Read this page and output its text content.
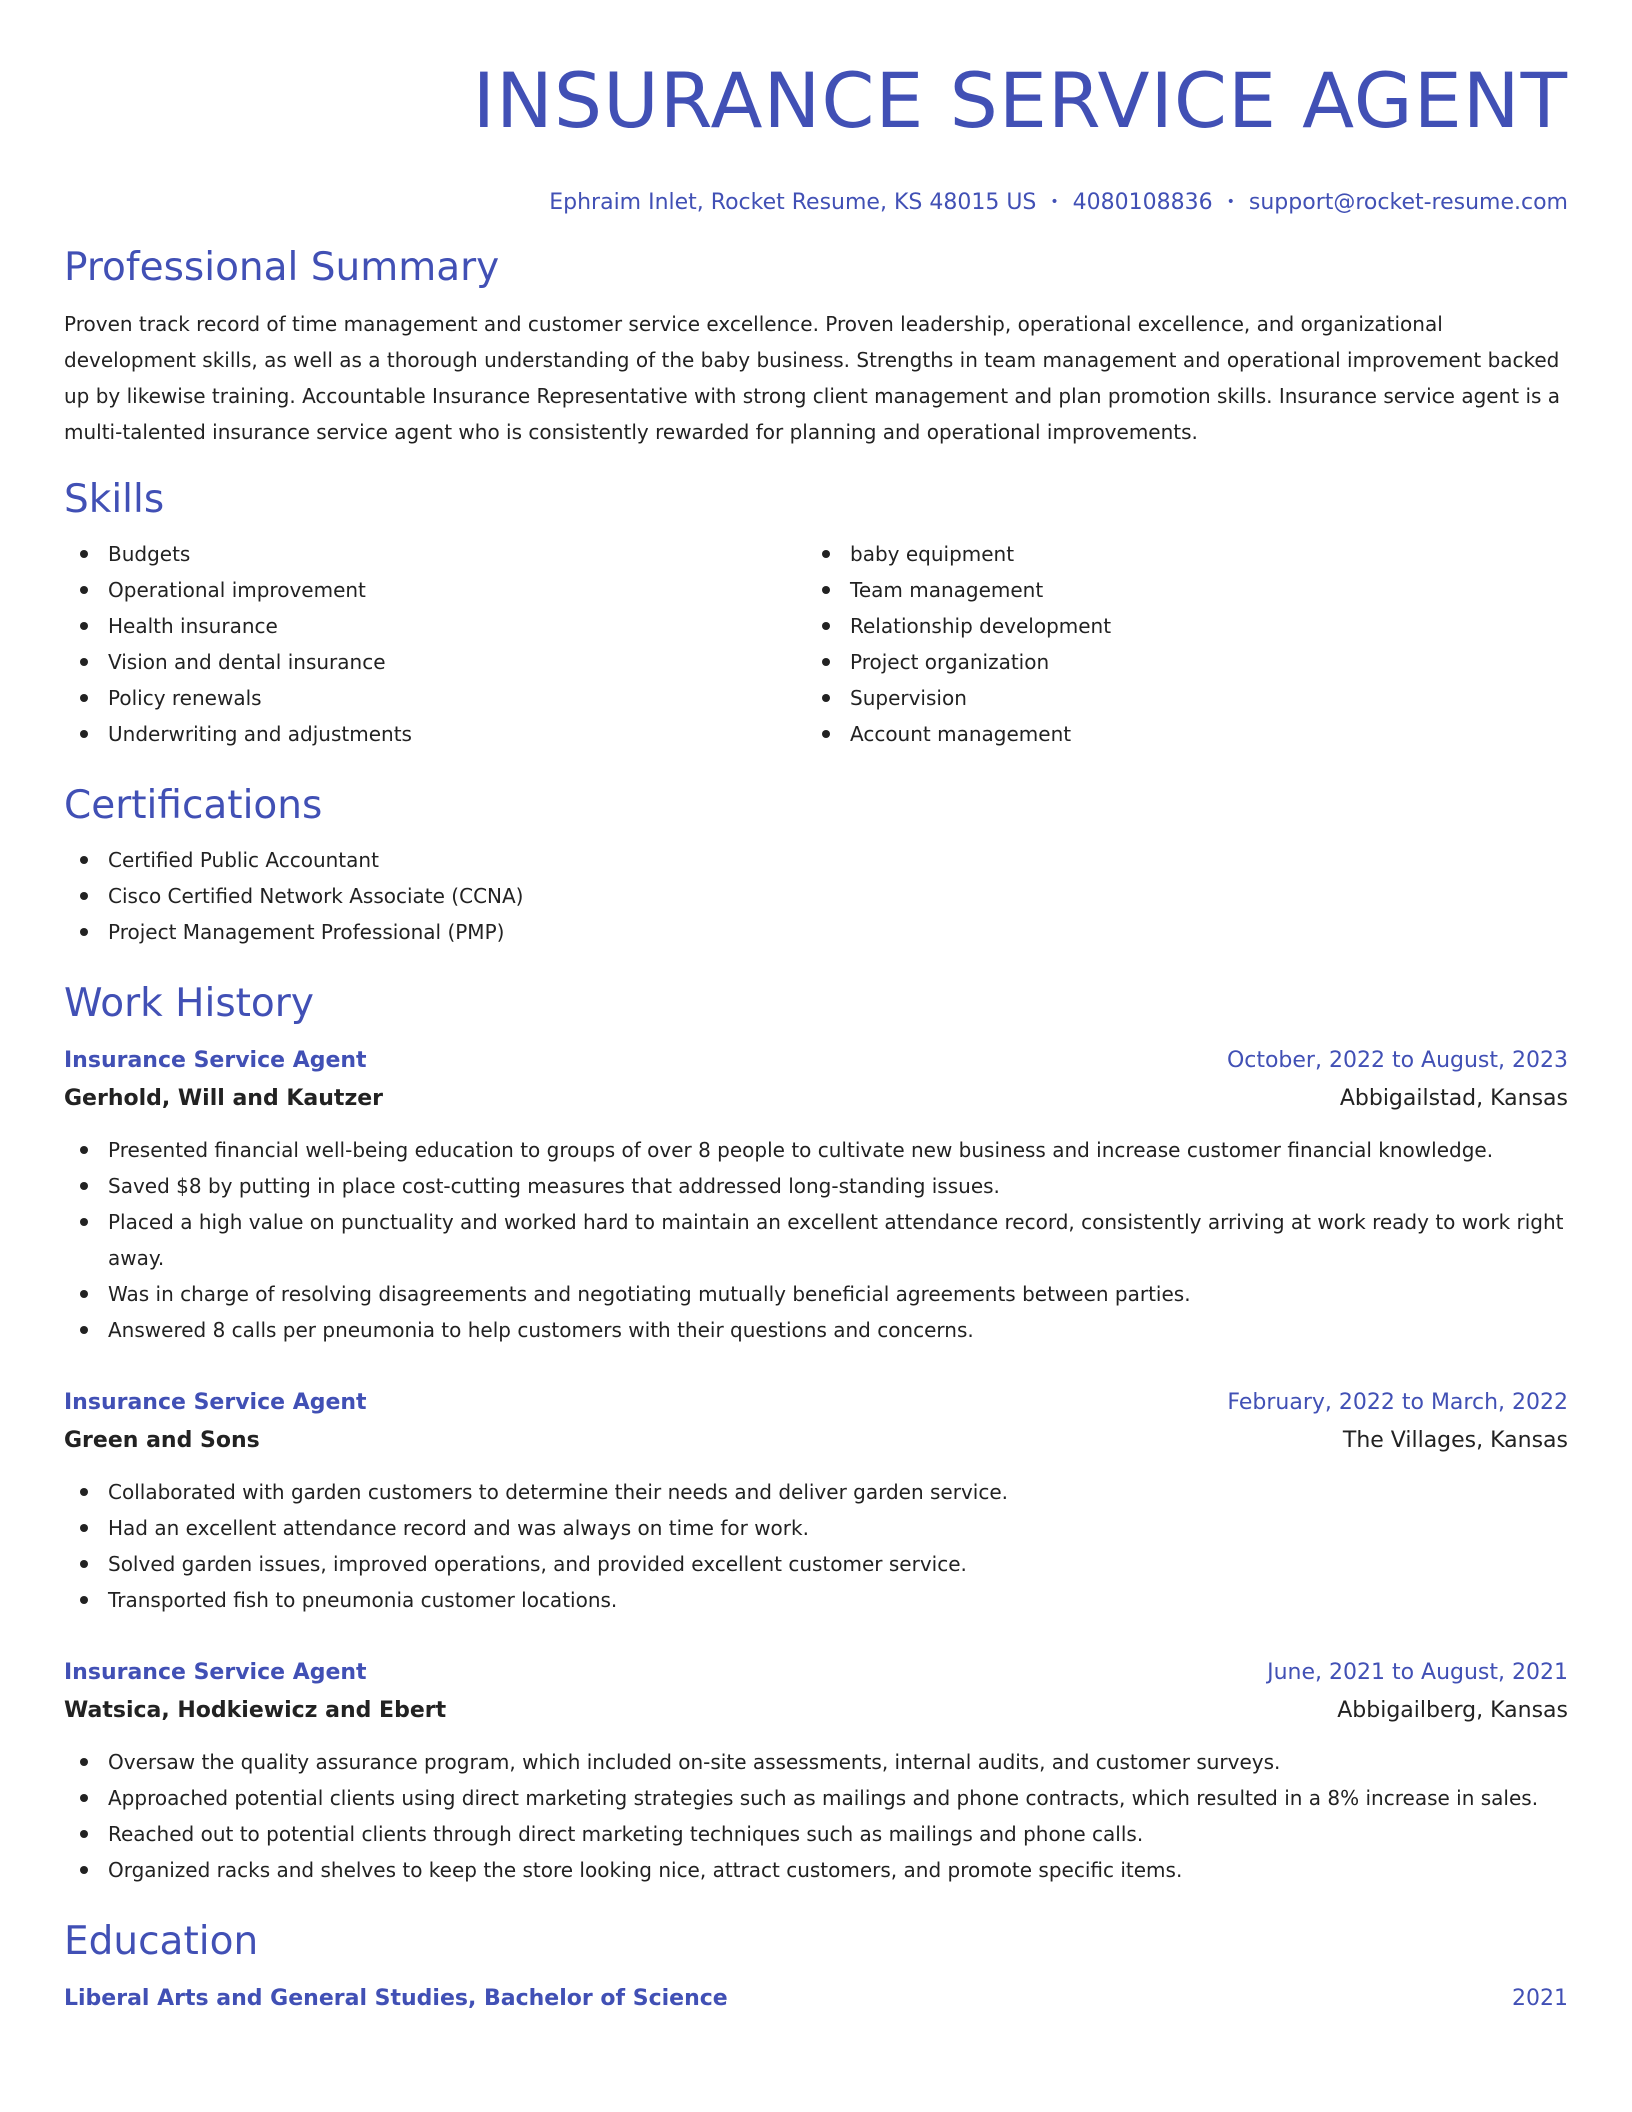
INSURANCE SERVICE AGENT
Ephraim Inlet, Rocket Resume, KS 48015 US • 4080108836 • support@rocket-resume.com
Professional Summary
Proven track record of time management and customer service excellence. Proven leadership, operational excellence, and organizational development skills, as well as a thorough understanding of the baby business. Strengths in team management and operational improvement backed up by likewise training. Accountable Insurance Representative with strong client management and plan promotion skills. Insurance service agent is a multi-talented insurance service agent who is consistently rewarded for planning and operational improvements.
Skills
Budgets
Operational improvement
Health insurance
Vision and dental insurance
Policy renewals
Underwriting and adjustments
baby equipment
Team management
Relationship development
Project organization
Supervision
Account management
Certifications
Certified Public Accountant
Cisco Certified Network Associate (CCNA)
Project Management Professional (PMP)
Work History
Insurance Service Agent	October, 2022 to August, 2023
Gerhold, Will and Kautzer	Abbigailstad, Kansas
Presented financial well-being education to groups of over 8 people to cultivate new business and increase customer financial knowledge.
Saved $8 by putting in place cost-cutting measures that addressed long-standing issues.
Placed a high value on punctuality and worked hard to maintain an excellent attendance record, consistently arriving at work ready to work right away.
Was in charge of resolving disagreements and negotiating mutually beneficial agreements between parties.
Answered 8 calls per pneumonia to help customers with their questions and concerns.
Insurance Service Agent	February, 2022 to March, 2022
Green and Sons	The Villages, Kansas
Collaborated with garden customers to determine their needs and deliver garden service.
Had an excellent attendance record and was always on time for work.
Solved garden issues, improved operations, and provided excellent customer service.
Transported fish to pneumonia customer locations.
Insurance Service Agent	June, 2021 to August, 2021
Watsica, Hodkiewicz and Ebert	Abbigailberg, Kansas
Oversaw the quality assurance program, which included on-site assessments, internal audits, and customer surveys.
Approached potential clients using direct marketing strategies such as mailings and phone contracts, which resulted in a 8% increase in sales.
Reached out to potential clients through direct marketing techniques such as mailings and phone calls.
Organized racks and shelves to keep the store looking nice, attract customers, and promote specific items.
Education
Liberal Arts and General Studies, Bachelor of Science	2021
